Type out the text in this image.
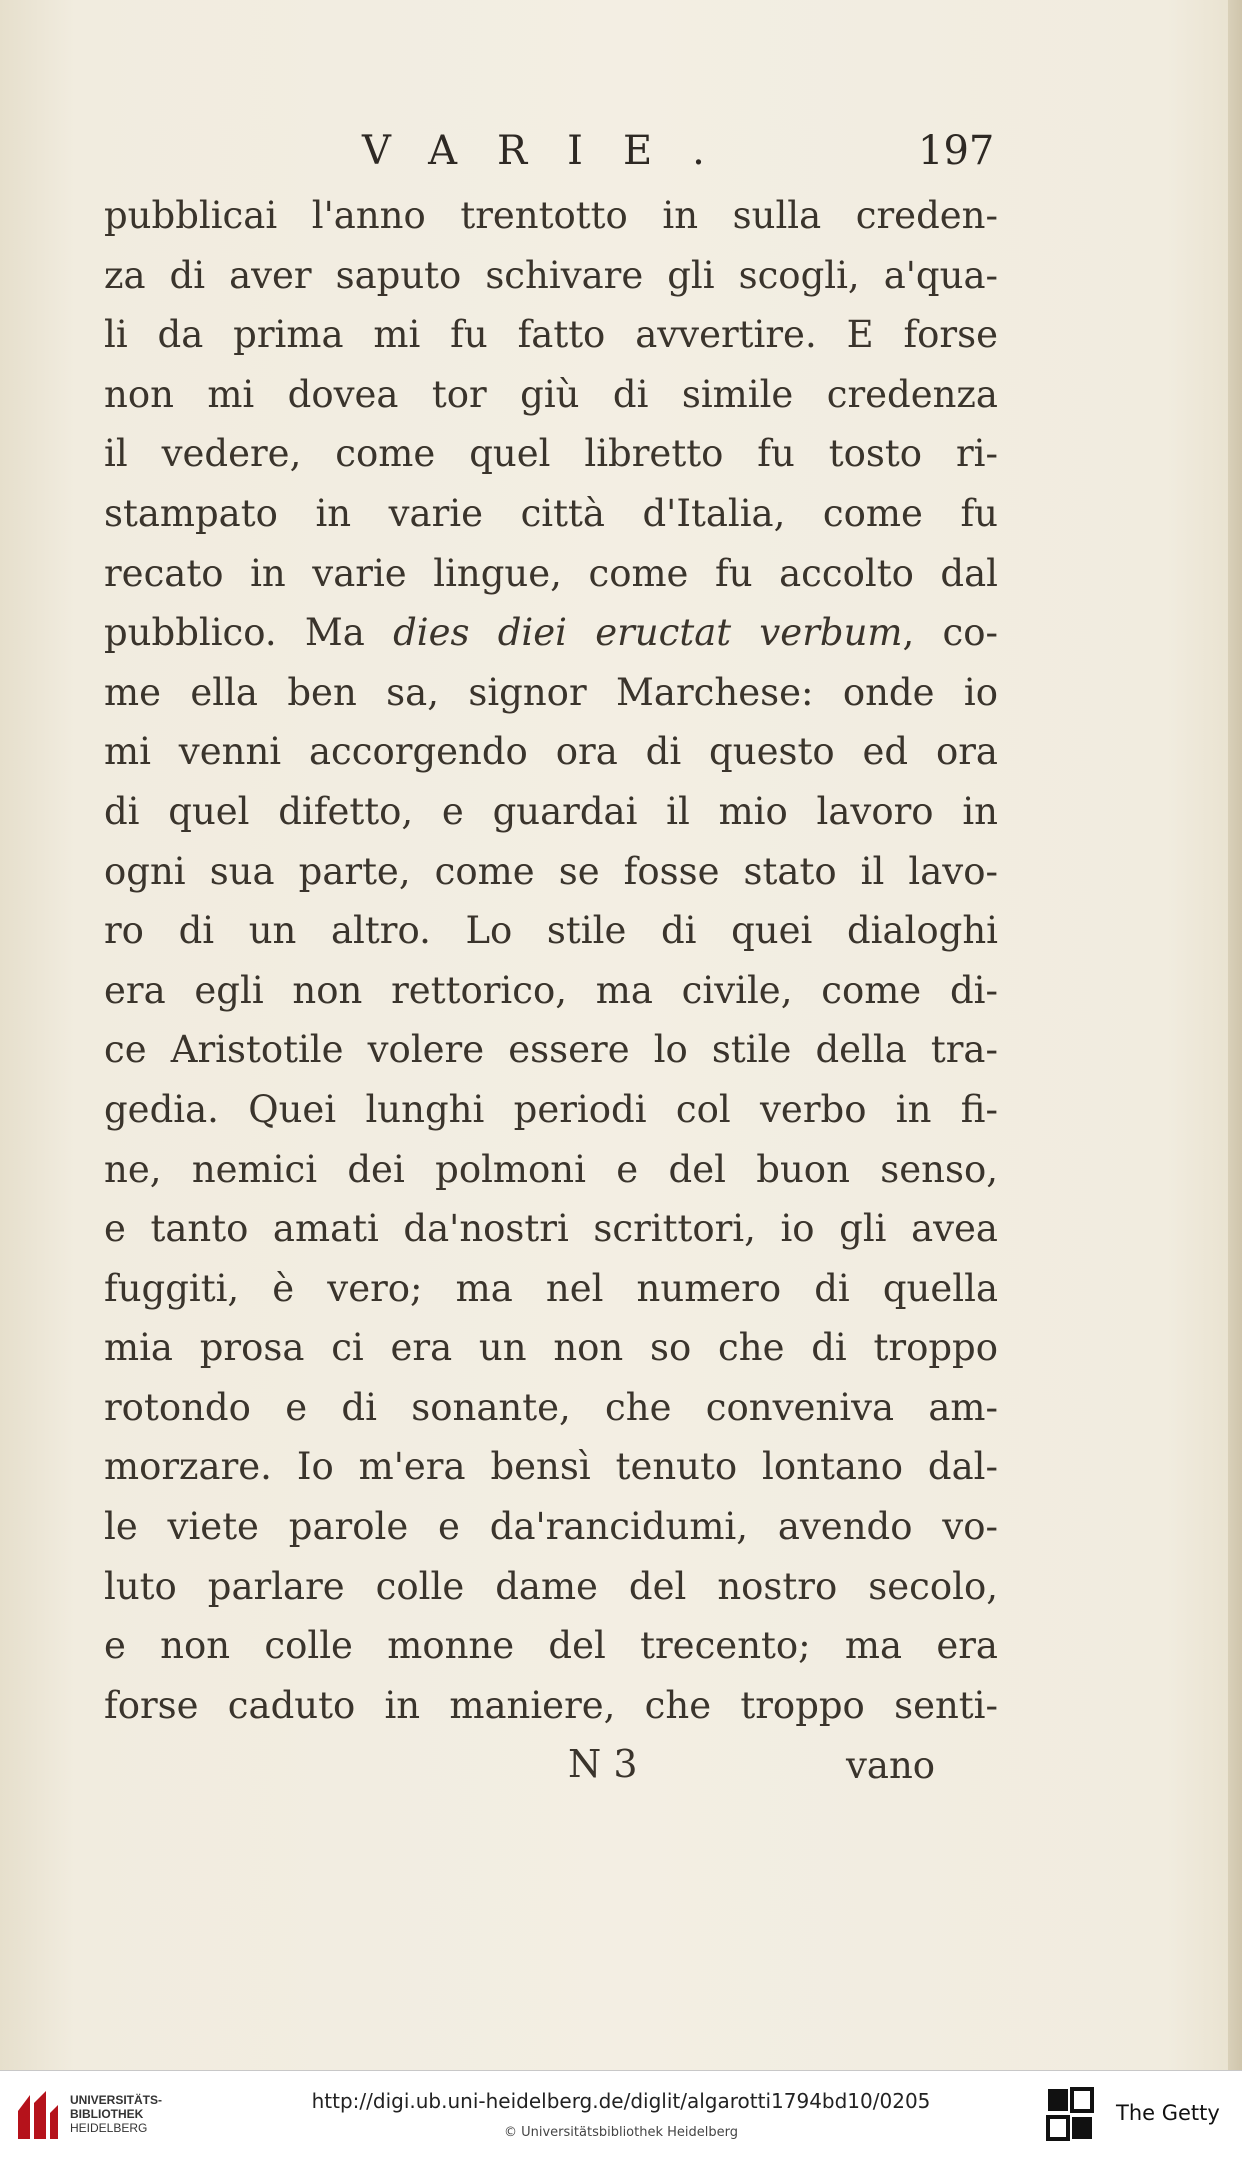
VARIE.	197
pubblicai l'anno trentotto in sulla creden-
za di aver saputo schivare gli scogli, a'qua-
li da prima mi fu fatto avvertire. E forse
non mi dovea tor giù di simile credenza
il vedere, come quel libretto fu tosto ri-
stampato in varie città d'Italia, come fu
recato in varie lingue, come fu accolto dal
pubblico. Ma dies diei eructat verbum, co-
me ella ben sa, signor Marchese: onde io
mi venni accorgendo ora di questo ed ora
di quel difetto, e guardai il mio lavoro in
ogni sua parte, come se fosse stato il lavo-
ro di un altro. Lo stile di quei dialoghi
era egli non rettorico, ma civile, come di-
ce Aristotile volere essere lo stile della tra-
gedia. Quei lunghi periodi col verbo in fi-
ne, nemici dei polmoni e del buon senso,
e tanto amati da'nostri scrittori, io gli avea
fuggiti, è vero; ma nel numero di quella
mia prosa ci era un non so che di troppo
rotondo e di sonante, che conveniva am-
morzare. Io m'era bensì tenuto lontano dal-
le viete parole e da'rancidumi, avendo vo-
luto parlare colle dame del nostro secolo,
e non colle monne del trecento; ma era
forse caduto in maniere, che troppo senti-
N 3	vano
UNIVERSITÄTS-
BIBLIOTHEK
HEIDELBERG
http://digi.ub.uni-heidelberg.de/diglit/algarotti1794bd10/0205
© Universitätsbibliothek Heidelberg
The Getty
